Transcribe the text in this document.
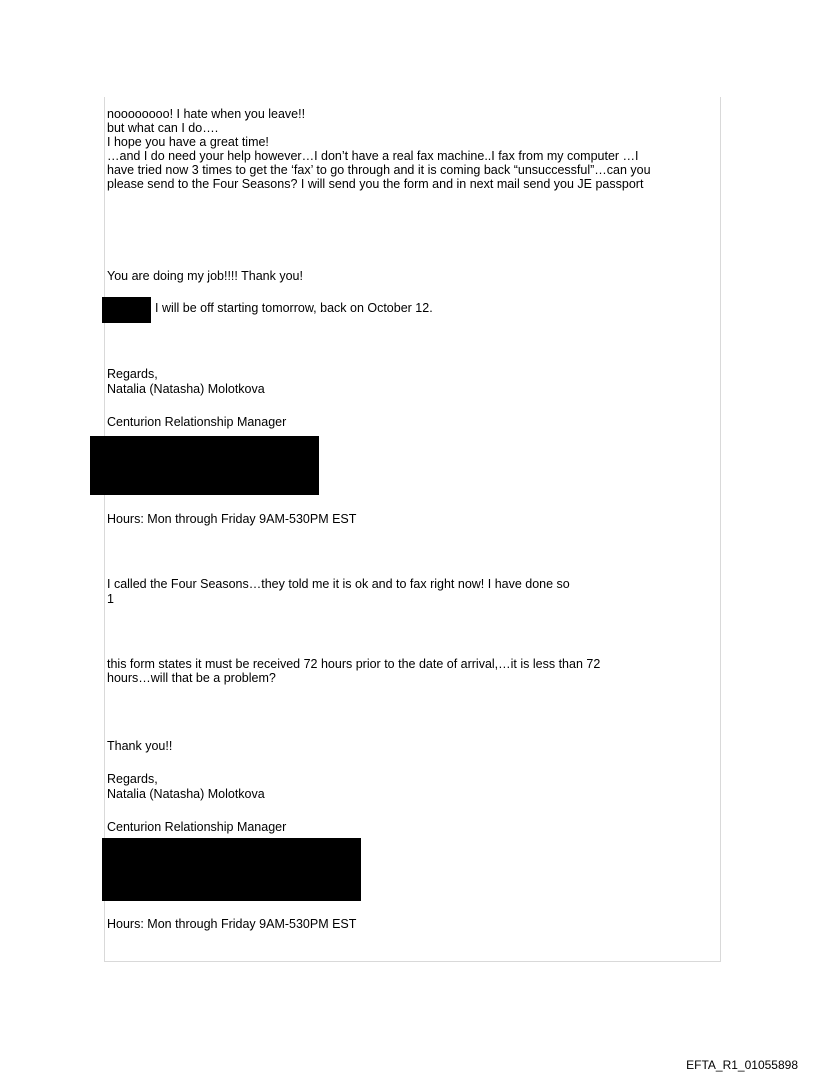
noooooooo! I hate when you leave!!
but what can I do….
I hope you have a great time!
…and I do need your help however…I don’t have a real fax machine..I fax from my computer …I
have tried now 3 times to get the ‘fax’ to go through and it is coming back “unsuccessful”…can you
please send to the Four Seasons? I will send you the form and in next mail send you JE passport

You are doing my job!!!! Thank you!

I will be off starting tomorrow, back on October 12.

Regards,

Natalia (Natasha) Molotkova

Centurion Relationship Manager

Hours: Mon through Friday 9AM-530PM EST

I called the Four Seasons…they told me it is ok and to fax right now! I have done so

1

this form states it must be received 72 hours prior to the date of arrival,…it is less than 72
hours…will that be a problem?

Thank you!!

Regards,

Natalia (Natasha) Molotkova

Centurion Relationship Manager

Hours: Mon through Friday 9AM-530PM EST

EFTA_R1_01055898
